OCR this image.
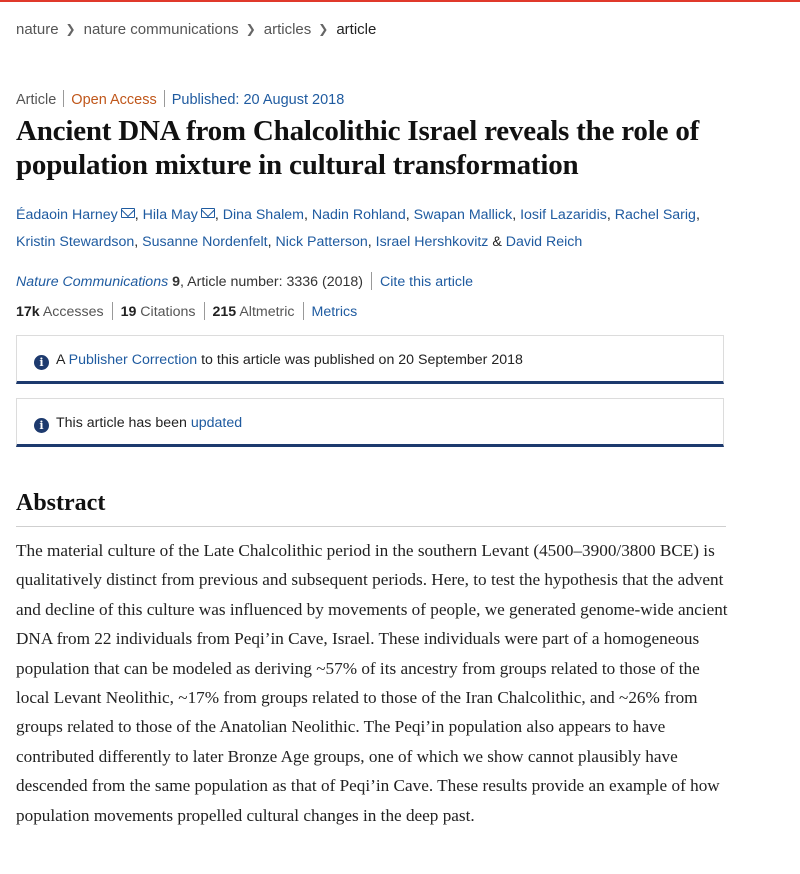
nature ❯ nature communications ❯ articles ❯ article
Article Open Access Published: 20 August 2018
Ancient DNA from Chalcolithic Israel reveals the role of population mixture in cultural transformation
Éadaoin Harney , Hila May , Dina Shalem, Nadin Rohland, Swapan Mallick, Iosif Lazaridis, Rachel Sarig,
Kristin Stewardson, Susanne Nordenfelt, Nick Patterson, Israel Hershkovitz & David Reich
Nature Communications 9, Article number: 3336 (2018) Cite this article
17k Accesses 19 Citations 215 Altmetric Metrics
i A Publisher Correction to this article was published on 20 September 2018
i This article has been updated
Abstract

The material culture of the Late Chalcolithic period in the southern Levant (4500–3900/3800 BCE) is qualitatively distinct from previous and subsequent periods. Here, to test the hypothesis that the advent and decline of this culture was influenced by movements of people, we generated genome-wide ancient DNA from 22 individuals from Peqi’in Cave, Israel. These individuals were part of a homogeneous population that can be modeled as deriving ~57% of its ancestry from groups related to those of the local Levant Neolithic, ~17% from groups related to those of the Iran Chalcolithic, and ~26% from groups related to those of the Anatolian Neolithic. The Peqi’in population also appears to have contributed differently to later Bronze Age groups, one of which we show cannot plausibly have descended from the same population as that of Peqi’in Cave. These results provide an example of how population movements propelled cultural changes in the deep past.
